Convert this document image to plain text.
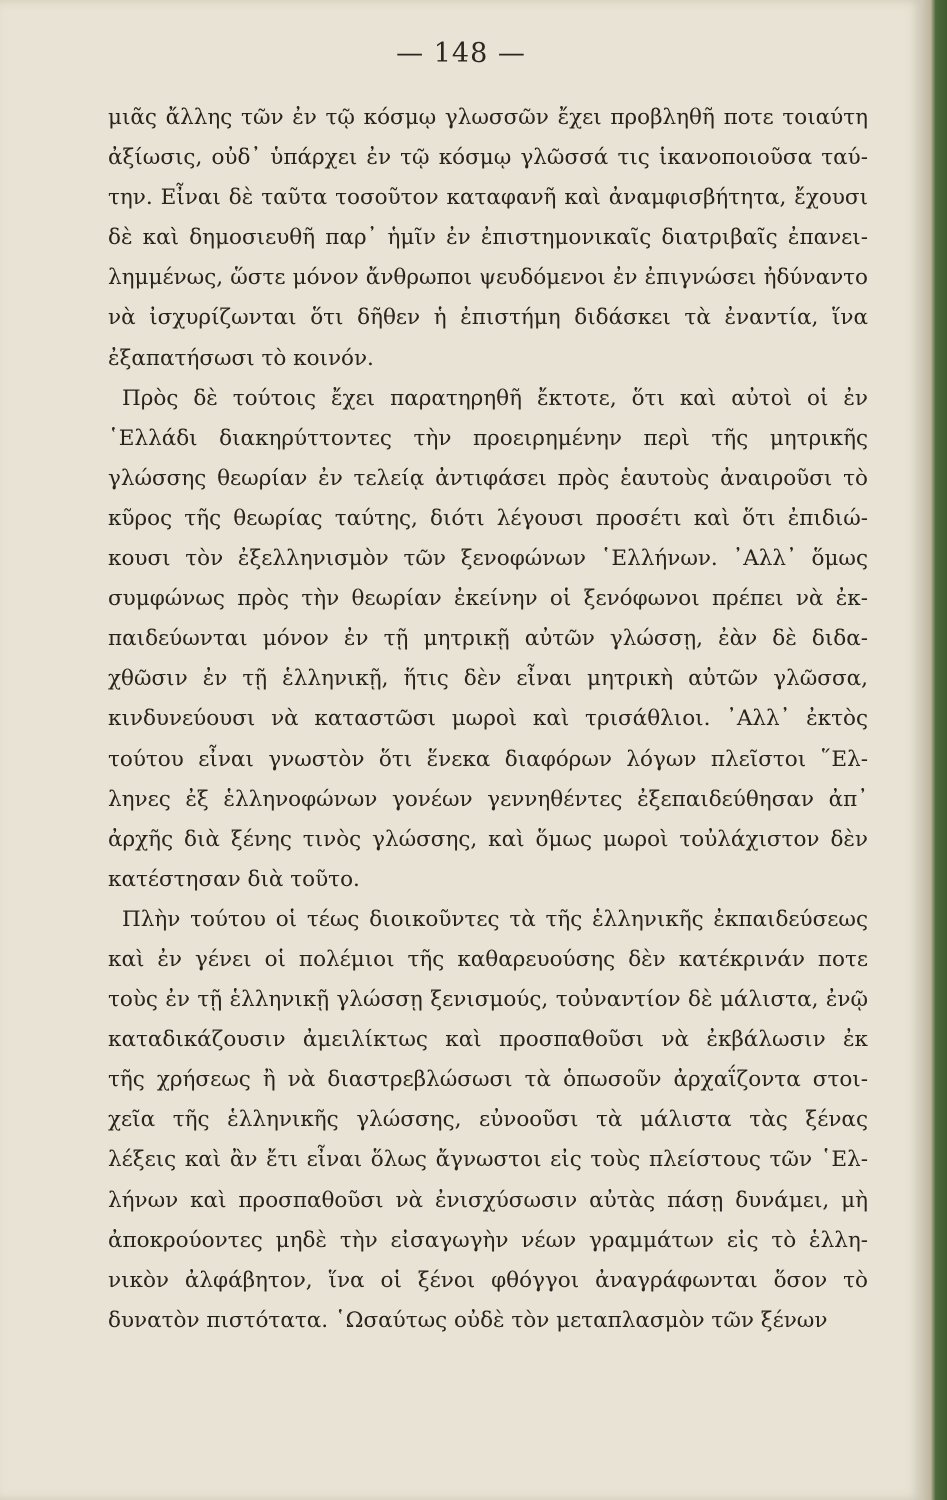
— 148 —
μιᾶς ἄλλης τῶν ἐν τῷ κόσμῳ γλωσσῶν ἔχει προβληθῆ ποτε τοιαύτη
ἀξίωσις, οὐδ᾽ ὑπάρχει ἐν τῷ κόσμῳ γλῶσσά τις ἱκανοποιοῦσα ταύ-
την. Εἶναι δὲ ταῦτα τοσοῦτον καταφανῆ καὶ ἀναμφισβήτητα, ἔχουσι
δὲ καὶ δημοσιευθῆ παρ᾽ ἡμῖν ἐν ἐπιστημονικαῖς διατριβαῖς ἐπανει-
λημμένως, ὥστε μόνον ἄνθρωποι ψευδόμενοι ἐν ἐπιγνώσει ἠδύναντο
νὰ ἰσχυρίζωνται ὅτι δῆθεν ἡ ἐπιστήμη διδάσκει τὰ ἐναντία, ἵνα
ἐξαπατήσωσι τὸ κοινόν.
Πρὸς δὲ τούτοις ἔχει παρατηρηθῆ ἔκτοτε, ὅτι καὶ αὐτοὶ οἱ ἐν
῾Ελλάδι διακηρύττοντες τὴν προειρημένην περὶ τῆς μητρικῆς
γλώσσης θεωρίαν ἐν τελείᾳ ἀντιφάσει πρὸς ἑαυτοὺς ἀναιροῦσι τὸ
κῦρος τῆς θεωρίας ταύτης, διότι λέγουσι προσέτι καὶ ὅτι ἐπιδιώ-
κουσι τὸν ἐξελληνισμὸν τῶν ξενοφώνων ῾Ελλήνων. ᾽Αλλ᾽ ὅμως
συμφώνως πρὸς τὴν θεωρίαν ἐκείνην οἱ ξενόφωνοι πρέπει νὰ ἐκ-
παιδεύωνται μόνον ἐν τῇ μητρικῇ αὐτῶν γλώσσῃ, ἐὰν δὲ διδα-
χθῶσιν ἐν τῇ ἑλληνικῇ, ἥτις δὲν εἶναι μητρικὴ αὐτῶν γλῶσσα,
κινδυνεύουσι νὰ καταστῶσι μωροὶ καὶ τρισάθλιοι. ᾽Αλλ᾽ ἐκτὸς
τούτου εἶναι γνωστὸν ὅτι ἕνεκα διαφόρων λόγων πλεῖστοι ῞Ελ-
ληνες ἐξ ἑλληνοφώνων γονέων γεννηθέντες ἐξεπαιδεύθησαν ἀπ᾽
ἀρχῆς διὰ ξένης τινὸς γλώσσης, καὶ ὅμως μωροὶ τοὐλάχιστον δὲν
κατέστησαν διὰ τοῦτο.
Πλὴν τούτου οἱ τέως διοικοῦντες τὰ τῆς ἑλληνικῆς ἐκπαιδεύσεως
καὶ ἐν γένει οἱ πολέμιοι τῆς καθαρευούσης δὲν κατέκρινάν ποτε
τοὺς ἐν τῇ ἑλληνικῇ γλώσσῃ ξενισμούς, τοὐναντίον δὲ μάλιστα, ἐνῷ
καταδικάζουσιν ἀμειλίκτως καὶ προσπαθοῦσι νὰ ἐκβάλωσιν ἐκ
τῆς χρήσεως ἢ νὰ διαστρεβλώσωσι τὰ ὁπωσοῦν ἀρχαΐζοντα στοι-
χεῖα τῆς ἑλληνικῆς γλώσσης, εὐνοοῦσι τὰ μάλιστα τὰς ξένας
λέξεις καὶ ἂν ἔτι εἶναι ὅλως ἄγνωστοι εἰς τοὺς πλείστους τῶν ῾Ελ-
λήνων καὶ προσπαθοῦσι νὰ ἐνισχύσωσιν αὐτὰς πάσῃ δυνάμει, μὴ
ἀποκρούοντες μηδὲ τὴν εἰσαγωγὴν νέων γραμμάτων εἰς τὸ ἑλλη-
νικὸν ἀλφάβητον, ἵνα οἱ ξένοι φθόγγοι ἀναγράφωνται ὅσον τὸ
δυνατὸν πιστότατα. ῾Ωσαύτως οὐδὲ τὸν μεταπλασμὸν τῶν ξένων
